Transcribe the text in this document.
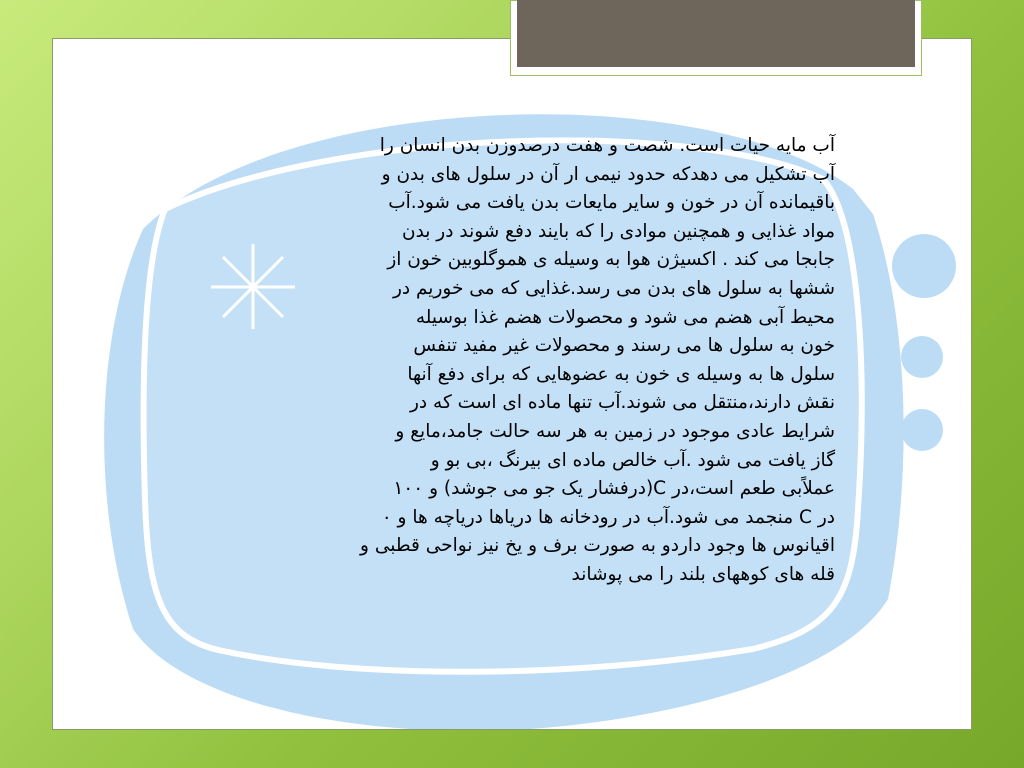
آب مایه حیات است. شصت و هفت درصدوزن بدن انسان را
آب تشکیل می دهدکه حدود نیمی ار آن در سلول های بدن و
باقیمانده آن در خون و سایر مایعات بدن یافت می شود.آب
مواد غذایی و همچنین موادی را که بایند دفع شوند در بدن
جابجا می کند . اکسیژن هوا به وسیله ی هموگلوبین خون از
ششها به سلول های بدن می رسد.غذایی که می خوریم در
محیط آبی هضم می شود و محصولات هضم غذا بوسیله
خون به سلول ها می رسند و محصولات غیر مفید تنفس
سلول ها به وسیله ی خون به عضوهایی که برای دفع آنها
نقش دارند،منتقل می شوند.آب تنها ماده ای است که در
شرایط عادی موجود در زمین به هر سه حالت جامد،مایع و
گاز یافت می شود .آب خالص ماده ای بیرنگ ،بی بو و
عملاًبی طعم است،در C(درفشار یک جو می جوشد) و ۱۰۰
در C منجمد می شود.آب در رودخانه ها دریاها دریاچه ها و ۰
اقیانوس ها وجود داردو به صورت برف و یخ نیز نواحی قطبی و
قله های کوههای بلند را می پوشاند
